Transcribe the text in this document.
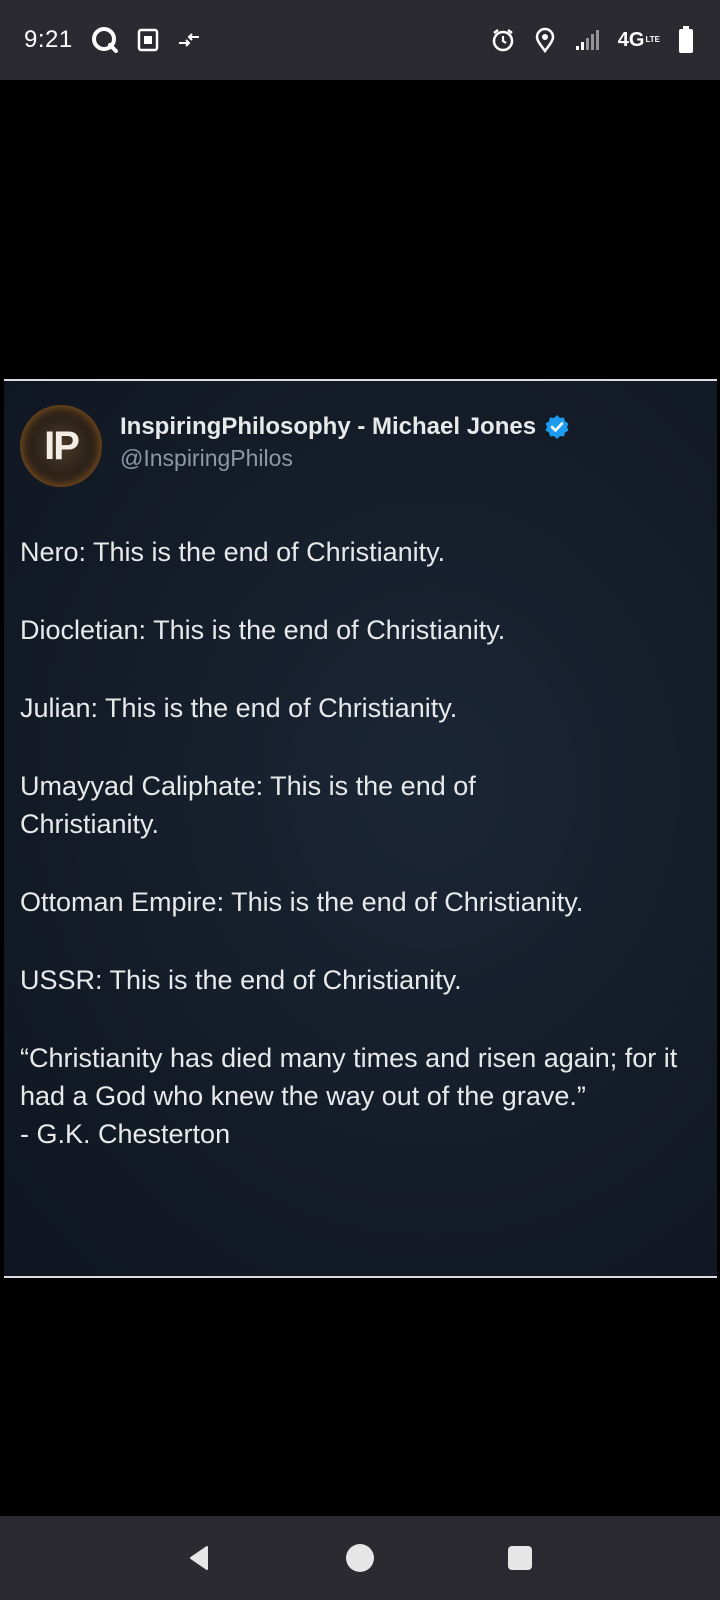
9:21	4G LTE
IP InspiringPhilosophy - Michael Jones
@InspiringPhilos

Nero: This is the end of Christianity.

Diocletian: This is the end of Christianity.

Julian: This is the end of Christianity.

Umayyad Caliphate: This is the end of Christianity.

Ottoman Empire: This is the end of Christianity.

USSR: This is the end of Christianity.

“Christianity has died many times and risen again; for it had a God who knew the way out of the grave.”

- G.K. Chesterton
